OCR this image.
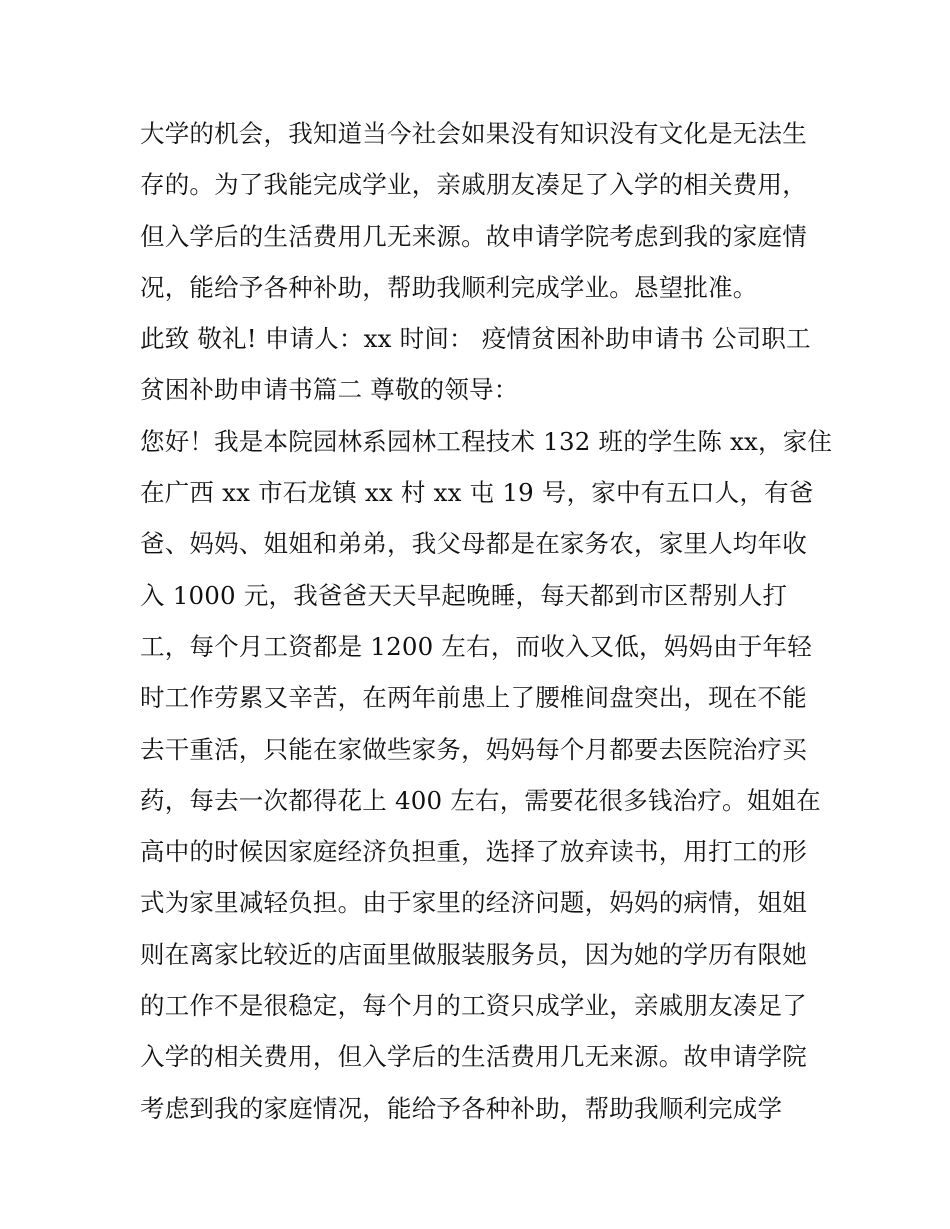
大学的机会，我知道当今社会如果没有知识没有文化是无法生
存的。为了我能完成学业，亲戚朋友凑足了入学的相关费用，
但入学后的生活费用几无来源。故申请学院考虑到我的家庭情
况，能给予各种补助，帮助我顺利完成学业。恳望批准。
此致 敬礼! 申请人：xx 时间： 疫情贫困补助申请书 公司职工
贫困补助申请书篇二 尊敬的领导：
您好！我是本院园林系园林工程技术 132 班的学生陈 xx，家住
在广西 xx 市石龙镇 xx 村 xx 屯 19 号，家中有五口人，有爸
爸、妈妈、姐姐和弟弟，我父母都是在家务农，家里人均年收
入 1000 元，我爸爸天天早起晚睡，每天都到市区帮别人打
工，每个月工资都是 1200 左右，而收入又低，妈妈由于年轻
时工作劳累又辛苦，在两年前患上了腰椎间盘突出，现在不能
去干重活，只能在家做些家务，妈妈每个月都要去医院治疗买
药，每去一次都得花上 400 左右，需要花很多钱治疗。姐姐在
高中的时候因家庭经济负担重，选择了放弃读书，用打工的形
式为家里减轻负担。由于家里的经济问题，妈妈的病情，姐姐
则在离家比较近的店面里做服装服务员，因为她的学历有限她
的工作不是很稳定，每个月的工资只成学业，亲戚朋友凑足了
入学的相关费用，但入学后的生活费用几无来源。故申请学院
考虑到我的家庭情况，能给予各种补助，帮助我顺利完成学
